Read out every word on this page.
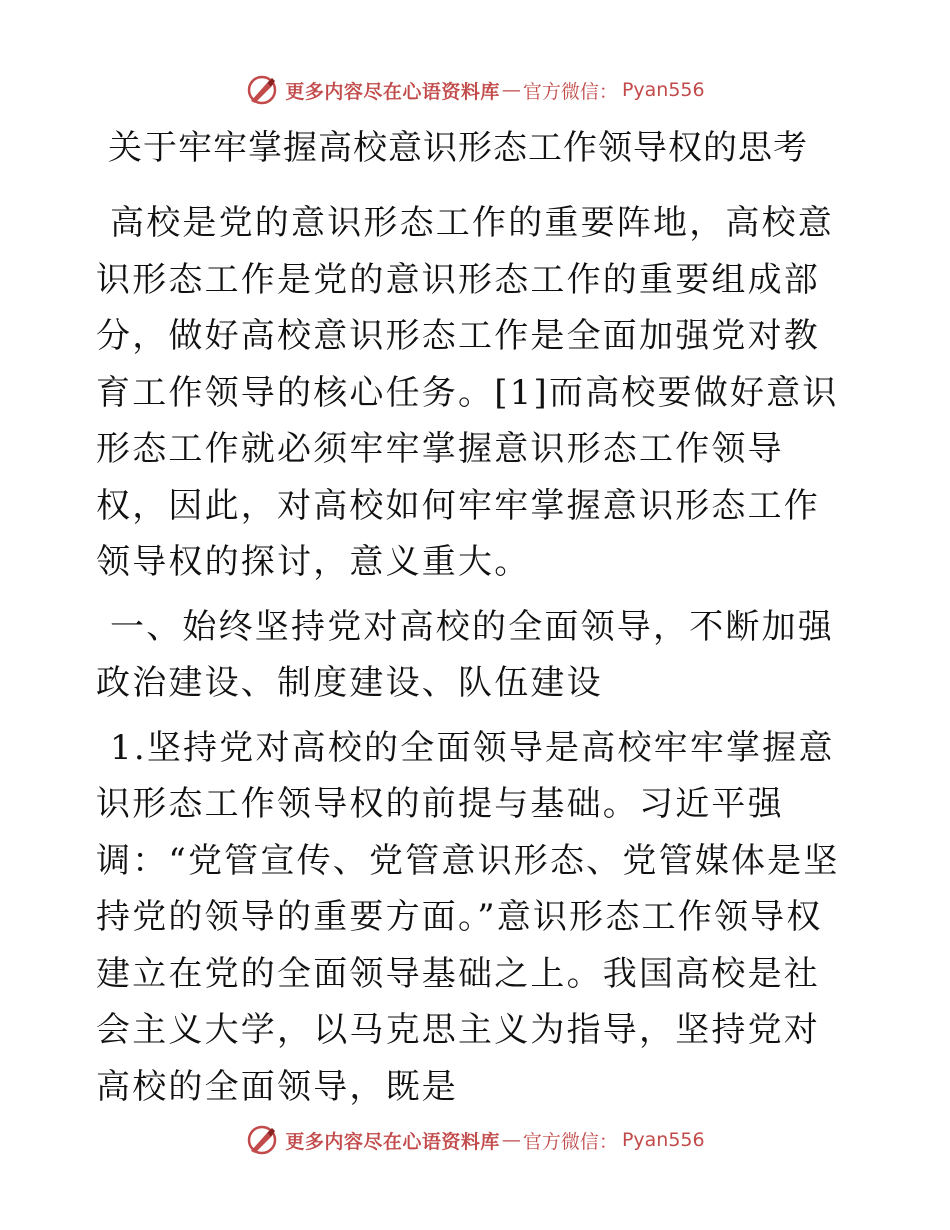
更多内容尽在心语资料库 — 官方微信： Pyan556
关于牢牢掌握高校意识形态工作领导权的思考

高校是党的意识形态工作的重要阵地，高校意识形态工作是党的意识形态工作的重要组成部分，做好高校意识形态工作是全面加强党对教育工作领导的核心任务。[1]而高校要做好意识形态工作就必须牢牢掌握意识形态工作领导权，因此，对高校如何牢牢掌握意识形态工作领导权的探讨，意义重大。

一、始终坚持党对高校的全面领导，不断加强政治建设、制度建设、队伍建设

1.坚持党对高校的全面领导是高校牢牢掌握意识形态工作领导权的前提与基础。习近平强调：“党管宣传、党管意识形态、党管媒体是坚持党的领导的重要方面。”意识形态工作领导权建立在党的全面领导基础之上。我国高校是社会主义大学，以马克思主义为指导，坚持党对高校的全面领导，既是

更多内容尽在心语资料库 — 官方微信： Pyan556
